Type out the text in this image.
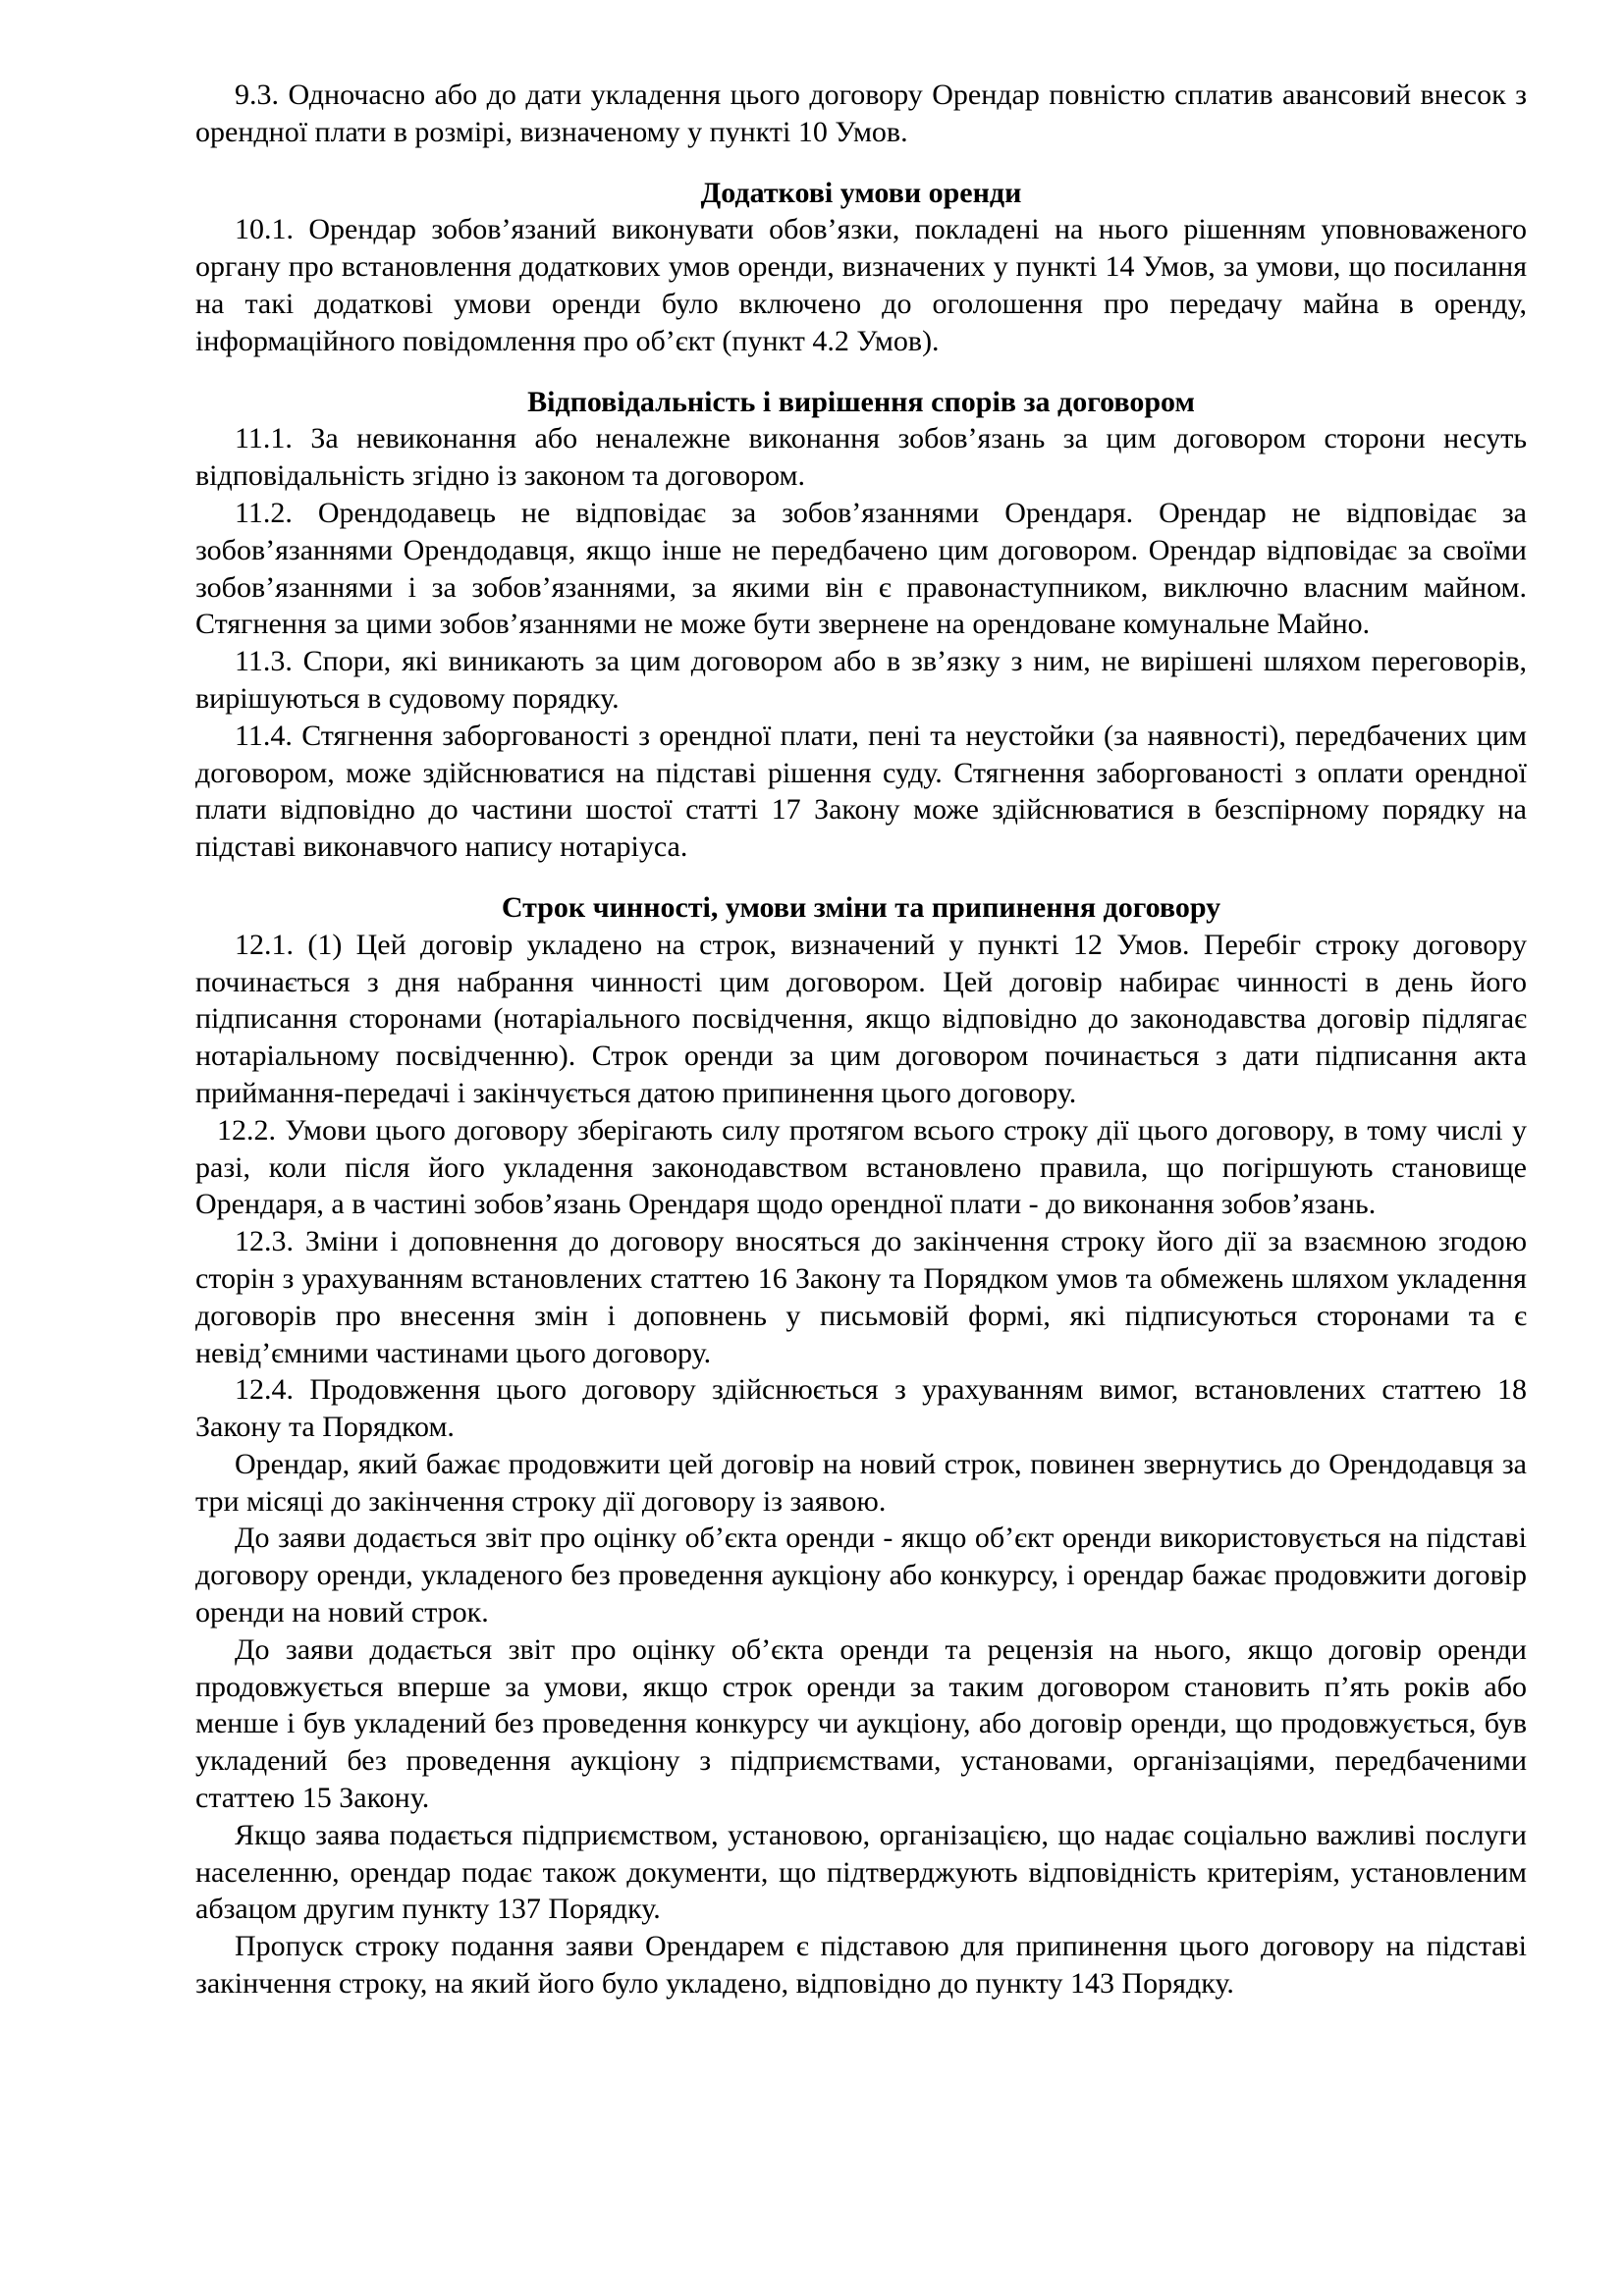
9.3. Одночасно або до дати укладення цього договору Орендар повністю сплатив авансовий внесок з орендної плати в розмірі, визначеному у пункті 10 Умов.

Додаткові умови оренди

10.1. Орендар зобов’язаний виконувати обов’язки, покладені на нього рішенням уповноваженого органу про встановлення додаткових умов оренди, визначених у пункті 14 Умов, за умови, що посилання на такі додаткові умови оренди було включено до оголошення про передачу майна в оренду, інформаційного повідомлення про об’єкт (пункт 4.2 Умов).

Відповідальність і вирішення спорів за договором

11.1. За невиконання або неналежне виконання зобов’язань за цим договором сторони несуть відповідальність згідно із законом та договором.

11.2. Орендодавець не відповідає за зобов’язаннями Орендаря. Орендар не відповідає за зобов’язаннями Орендодавця, якщо інше не передбачено цим договором. Орендар відповідає за своїми зобов’язаннями і за зобов’язаннями, за якими він є правонаступником, виключно власним майном. Стягнення за цими зобов’язаннями не може бути звернене на орендоване комунальне Майно.

11.3. Спори, які виникають за цим договором або в зв’язку з ним, не вирішені шляхом переговорів, вирішуються в судовому порядку.

11.4. Стягнення заборгованості з орендної плати, пені та неустойки (за наявності), передбачених цим договором, може здійснюватися на підставі рішення суду. Стягнення заборгованості з оплати орендної плати відповідно до частини шостої статті 17 Закону може здійснюватися в безспірному порядку на підставі виконавчого напису нотаріуса.

Строк чинності, умови зміни та припинення договору

12.1. (1) Цей договір укладено на строк, визначений у пункті 12 Умов. Перебіг строку договору починається з дня набрання чинності цим договором. Цей договір набирає чинності в день його підписання сторонами (нотаріального посвідчення, якщо відповідно до законодавства договір підлягає нотаріальному посвідченню). Строк оренди за цим договором починається з дати підписання акта приймання-передачі і закінчується датою припинення цього договору.

12.2. Умови цього договору зберігають силу протягом всього строку дії цього договору, в тому числі у разі, коли після його укладення законодавством встановлено правила, що погіршують становище Орендаря, а в частині зобов’язань Орендаря щодо орендної плати - до виконання зобов’язань.

12.3. Зміни і доповнення до договору вносяться до закінчення строку його дії за взаємною згодою сторін з урахуванням встановлених статтею 16 Закону та Порядком умов та обмежень шляхом укладення договорів про внесення змін і доповнень у письмовій формі, які підписуються сторонами та є невід’ємними частинами цього договору.

12.4. Продовження цього договору здійснюється з урахуванням вимог, встановлених статтею 18 Закону та Порядком.

Орендар, який бажає продовжити цей договір на новий строк, повинен звернутись до Орендодавця за три місяці до закінчення строку дії договору із заявою.

До заяви додається звіт про оцінку об’єкта оренди - якщо об’єкт оренди використовується на підставі договору оренди, укладеного без проведення аукціону або конкурсу, і орендар бажає продовжити договір оренди на новий строк.

До заяви додається звіт про оцінку об’єкта оренди та рецензія на нього, якщо договір оренди продовжується вперше за умови, якщо строк оренди за таким договором становить п’ять років або менше і був укладений без проведення конкурсу чи аукціону, або договір оренди, що продовжується, був укладений без проведення аукціону з підприємствами, установами, організаціями, передбаченими статтею 15 Закону.

Якщо заява подається підприємством, установою, організацією, що надає соціально важливі послуги населенню, орендар подає також документи, що підтверджують відповідність критеріям, установленим абзацом другим пункту 137 Порядку.

Пропуск строку подання заяви Орендарем є підставою для припинення цього договору на підставі закінчення строку, на який його було укладено, відповідно до пункту 143 Порядку.
